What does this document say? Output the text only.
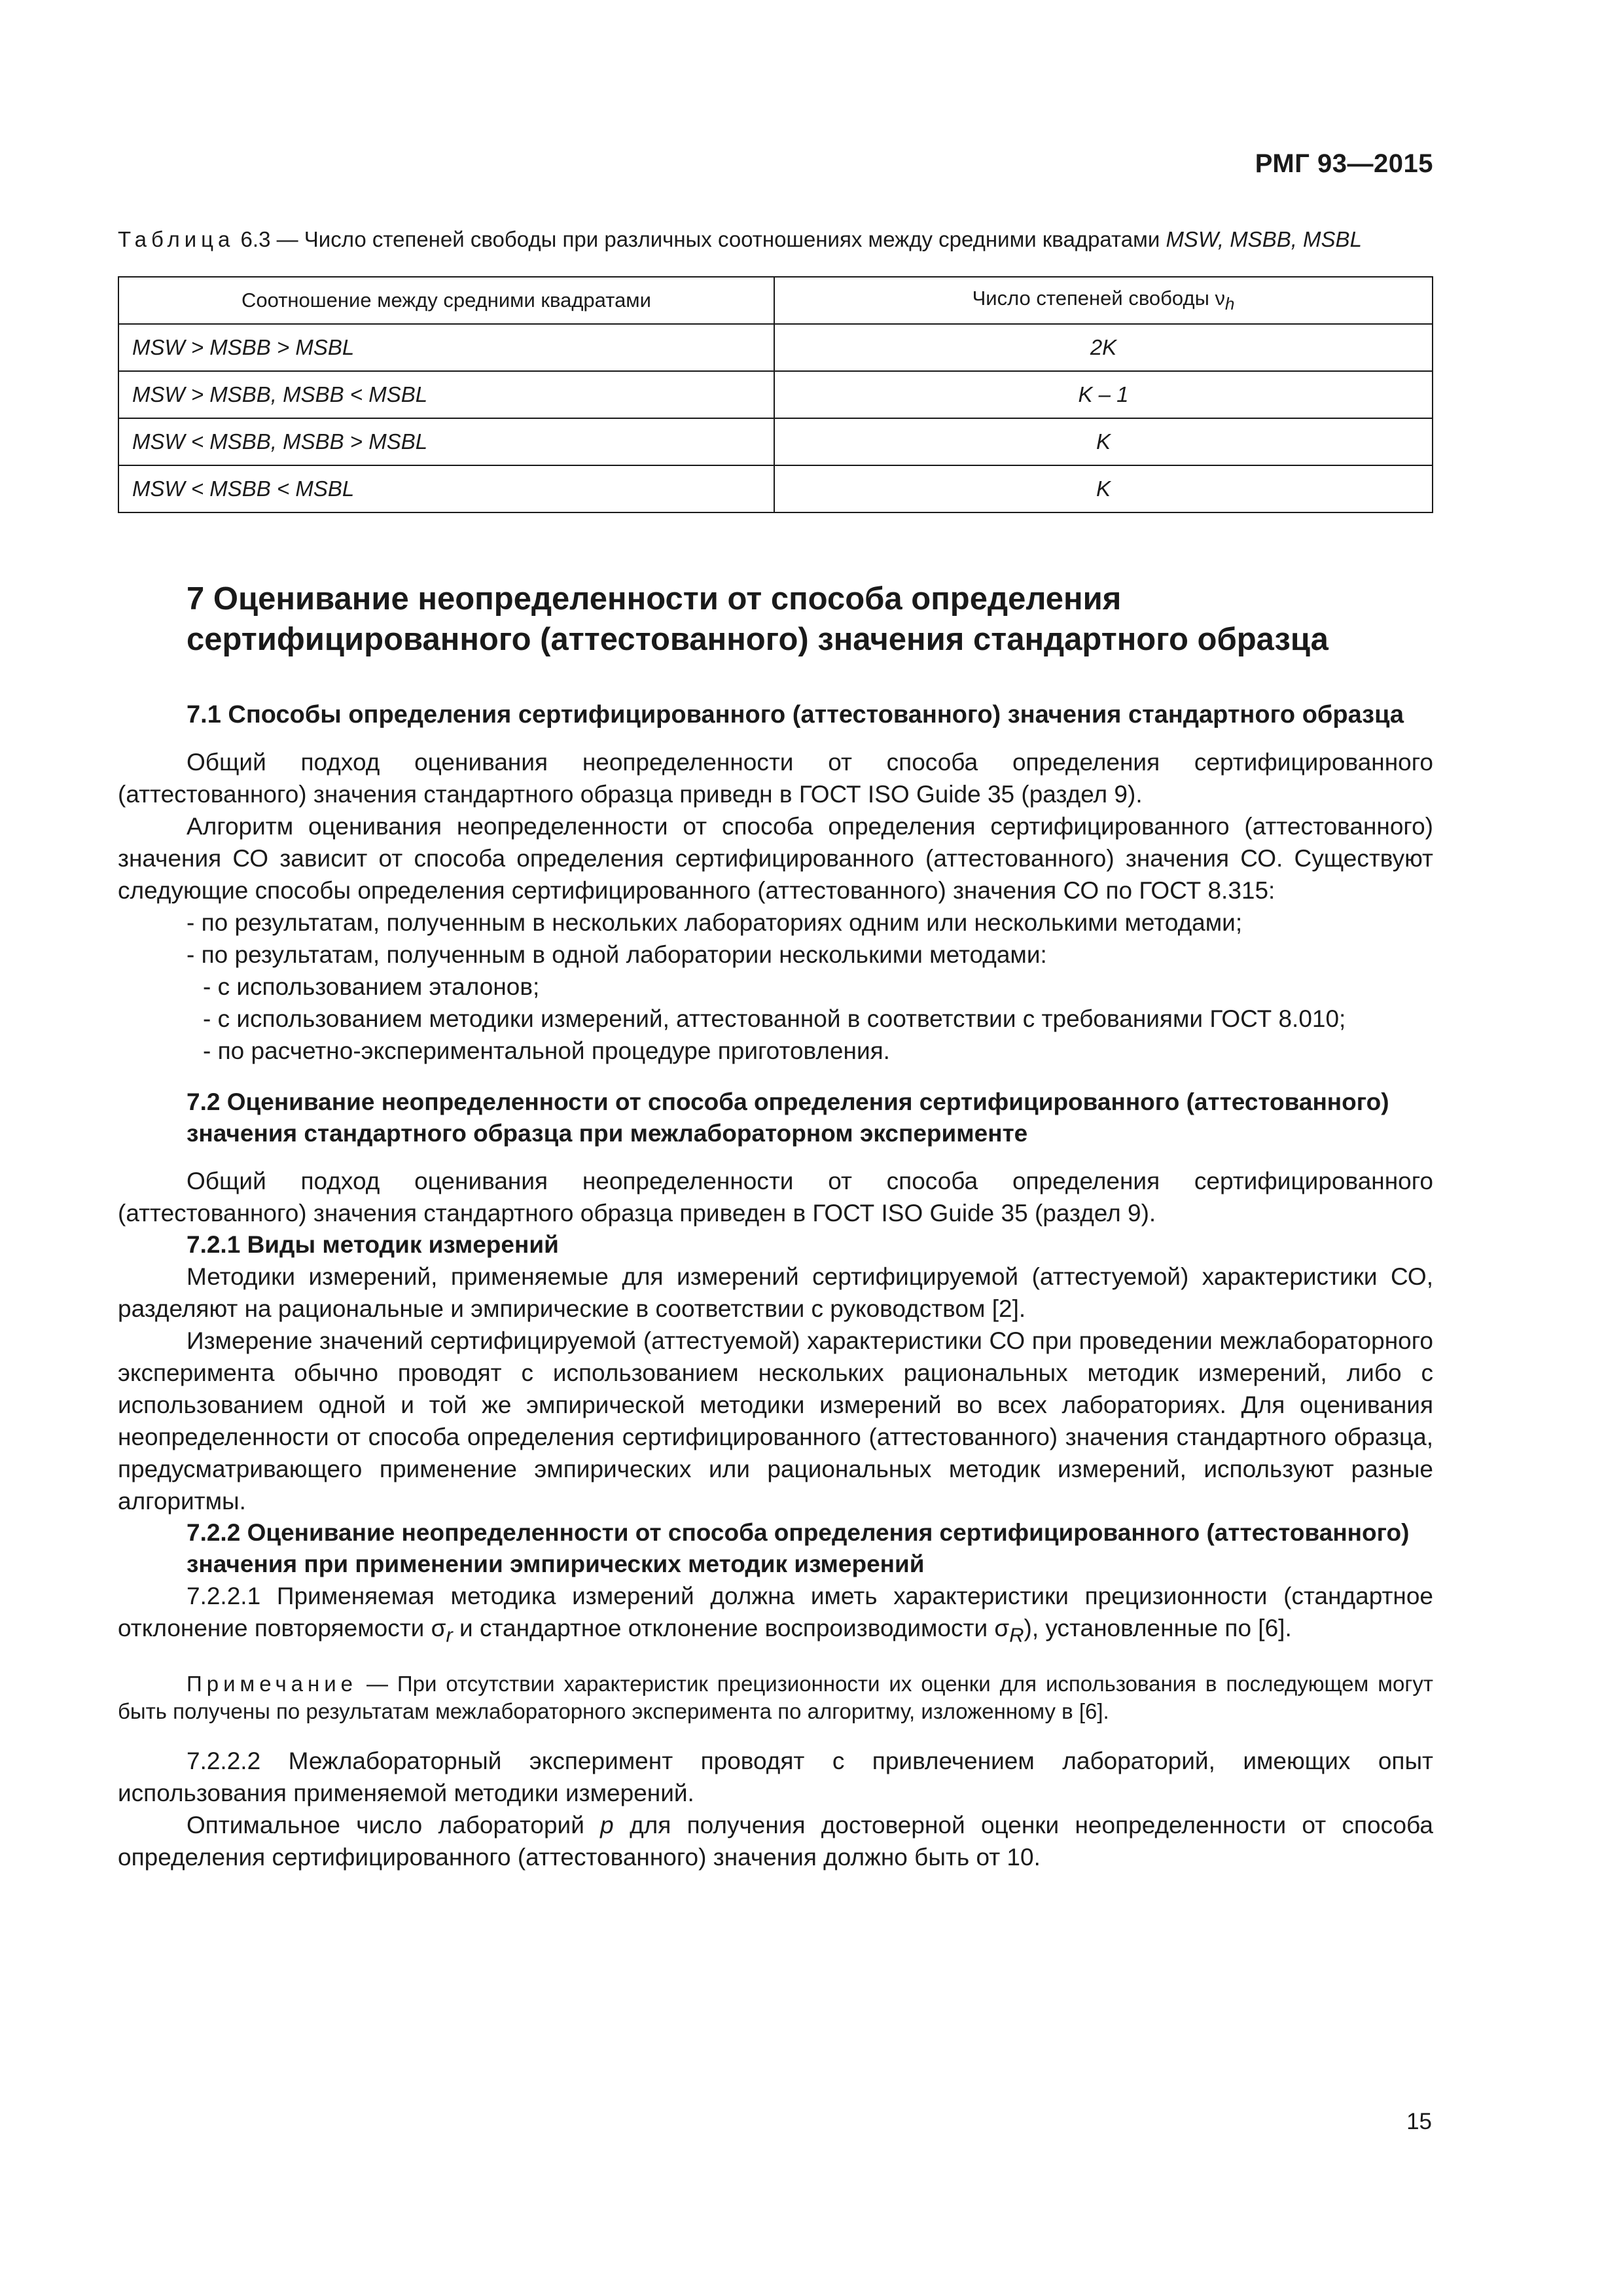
РМГ 93—2015
Таблица 6.3 — Число степеней свободы при различных соотношениях между средними квадратами MSW, MSBB, MSBL
Соотношение между средними квадратами	Число степеней свободы $\nu_h$
MSW > MSBB > MSBL	2K
MSW > MSBB, MSBB < MSBL	K – 1
MSW < MSBB, MSBB > MSBL	K
MSW < MSBB < MSBL	K
7 Оценивание неопределенности от способа определения
сертифицированного (аттестованного) значения стандартного образца
7.1 Способы определения сертифицированного (аттестованного) значения стандартного образца

Общий подход оценивания неопределенности от способа определения сертифицированного (аттестованного) значения стандартного образца приведн в ГОСТ ISO Guide 35 (раздел 9).

Алгоритм оценивания неопределенности от способа определения сертифицированного (аттестованного) значения СО зависит от способа определения сертифицированного (аттестованного) значения СО. Существуют следующие способы определения сертифицированного (аттестованного) значения СО по ГОСТ 8.315:

- по результатам, полученным в нескольких лабораториях одним или несколькими методами;

- по результатам, полученным в одной лаборатории несколькими методами:

- с использованием эталонов;

- с использованием методики измерений, аттестованной в соответствии с требованиями ГОСТ 8.010;

- по расчетно-экспериментальной процедуре приготовления.

7.2 Оценивание неопределенности от способа определения сертифицированного (аттестованного) значения стандартного образца при межлабораторном эксперименте

Общий подход оценивания неопределенности от способа определения сертифицированного (аттестованного) значения стандартного образца приведен в ГОСТ ISO Guide 35 (раздел 9).

7.2.1 Виды методик измерений

Методики измерений, применяемые для измерений сертифицируемой (аттестуемой) характеристики СО, разделяют на рациональные и эмпирические в соответствии с руководством [2].

Измерение значений сертифицируемой (аттестуемой) характеристики СО при проведении межлабораторного эксперимента обычно проводят с использованием нескольких рациональных методик измерений, либо с использованием одной и той же эмпирической методики измерений во всех лабораториях. Для оценивания неопределенности от способа определения сертифицированного (аттестованного) значения стандартного образца, предусматривающего применение эмпирических или рациональных методик измерений, используют разные алгоритмы.

7.2.2 Оценивание неопределенности от способа определения сертифицированного (аттестованного) значения при применении эмпирических методик измерений

7.2.2.1 Применяемая методика измерений должна иметь характеристики прецизионности (стандартное отклонение повторяемости $\sigma_r$ и стандартное отклонение воспроизводимости $\sigma_R$), установленные по [6].

Примечание — При отсутствии характеристик прецизионности их оценки для использования в последующем могут быть получены по результатам межлабораторного эксперимента по алгоритму, изложенному в [6].

7.2.2.2 Межлабораторный эксперимент проводят с привлечением лабораторий, имеющих опыт использования применяемой методики измерений.

Оптимальное число лабораторий p для получения достоверной оценки неопределенности от способа определения сертифицированного (аттестованного) значения должно быть от 10.

15
